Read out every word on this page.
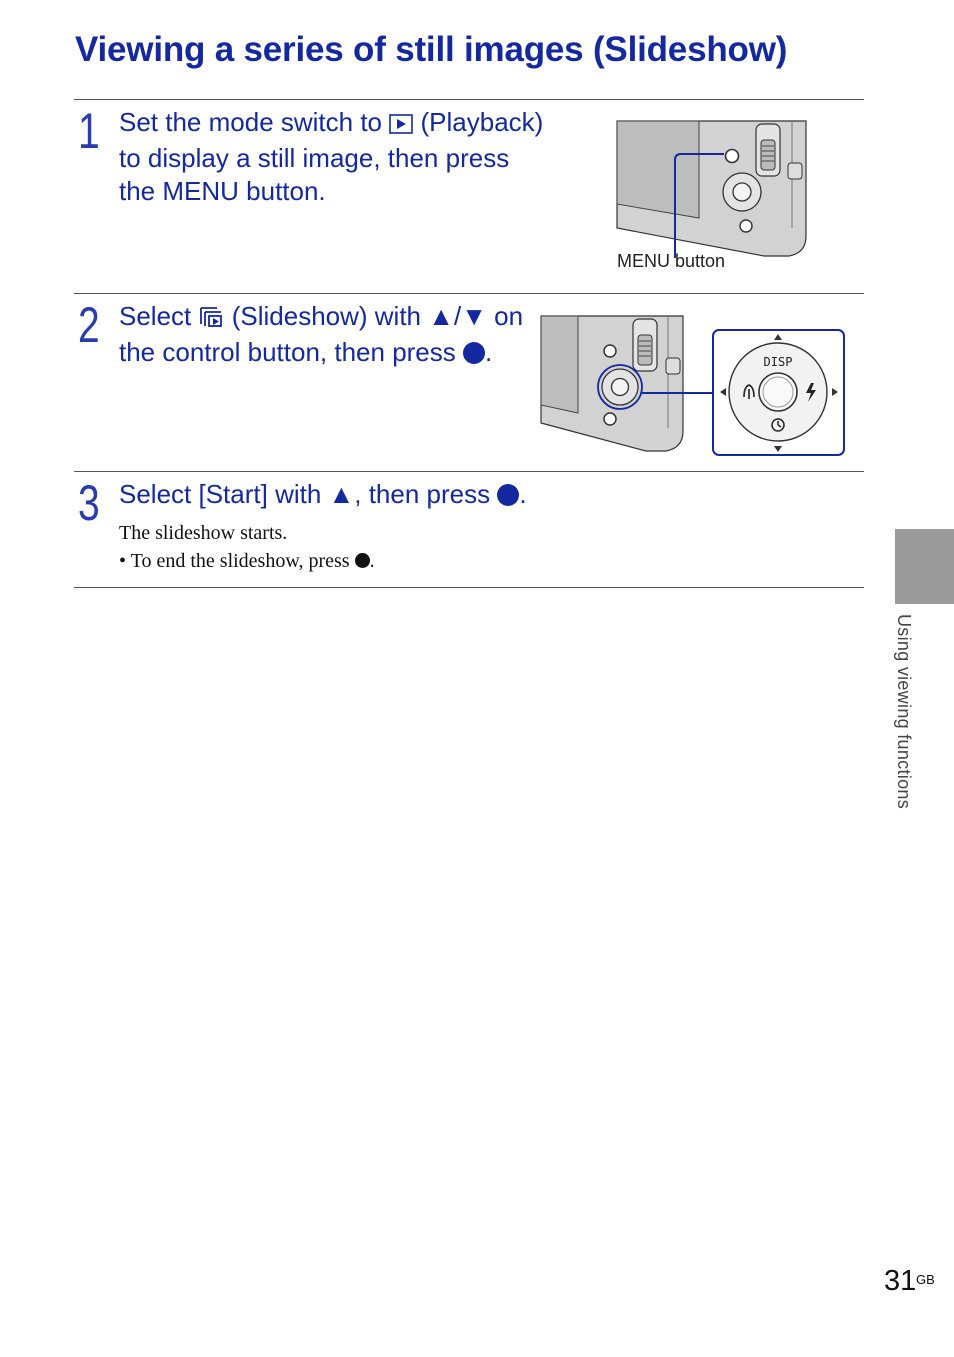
Viewing a series of still images (Slideshow)
1 Set the mode switch to (Playback) to display a still image, then press the MENU button.

MENU button
2 Select (Slideshow) with ▲/▼ on the control button, then press .	DISP
3 Select [Start] with ▲, then press .

The slideshow starts.

• To end the slideshow, press .

Using viewing functions
31 GB
